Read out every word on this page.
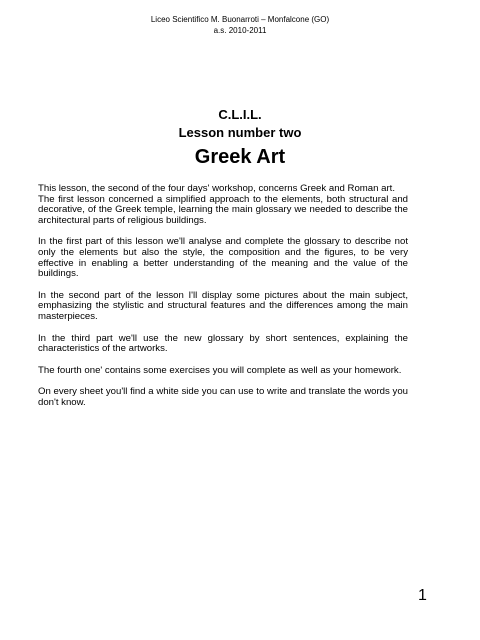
Liceo Scientifico M. Buonarroti – Monfalcone (GO)
a.s. 2010-2011
C.L.I.L.
Lesson number two
Greek Art

This lesson, the second of the four days' workshop, concerns Greek and Roman art.

The first lesson concerned a simplified approach to the elements, both structural and decorative, of the Greek temple, learning the main glossary we needed to describe the architectural parts of religious buildings.

In the first part of this lesson we'll analyse and complete the glossary to describe not only the elements but also the style, the composition and the figures, to be very effective in enabling a better understanding of the meaning and the value of the buildings.

In the second part of the lesson I'll display some pictures about the main subject, emphasizing the stylistic and structural features and the differences among the main masterpieces.

In the third part we'll use the new glossary by short sentences, explaining the characteristics of the artworks.

The fourth one' contains some exercises you will complete as well as your homework.

On every sheet you'll find a white side you can use to write and translate the words you don't know.

1
